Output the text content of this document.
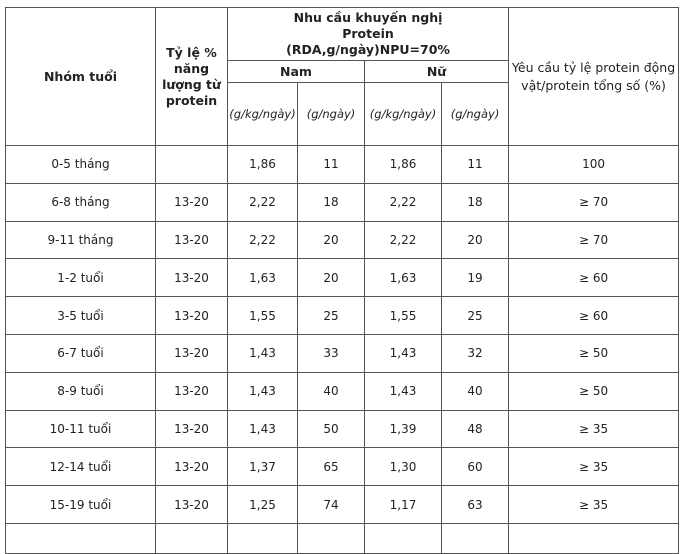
Nhóm tuổi	Tỷ lệ % năng lượng từ protein	Nhu cầu khuyến nghị Protein (RDA,g/ngày)NPU=70%				Yêu cầu tỷ lệ protein động vật/protein tổng số (%)
		Nam		Nữ		
		(g/kg/ngày)	(g/ngày)	(g/kg/ngày)	(g/ngày)	
0-5 tháng		1,86	11	1,86	11	100
6-8 tháng	13-20	2,22	18	2,22	18	≥ 70
9-11 tháng	13-20	2,22	20	2,22	20	≥ 70
1-2 tuổi	13-20	1,63	20	1,63	19	≥ 60
3-5 tuổi	13-20	1,55	25	1,55	25	≥ 60
6-7 tuổi	13-20	1,43	33	1,43	32	≥ 50
8-9 tuổi	13-20	1,43	40	1,43	40	≥ 50
10-11 tuổi	13-20	1,43	50	1,39	48	≥ 35
12-14 tuổi	13-20	1,37	65	1,30	60	≥ 35
15-19 tuổi	13-20	1,25	74	1,17	63	≥ 35
